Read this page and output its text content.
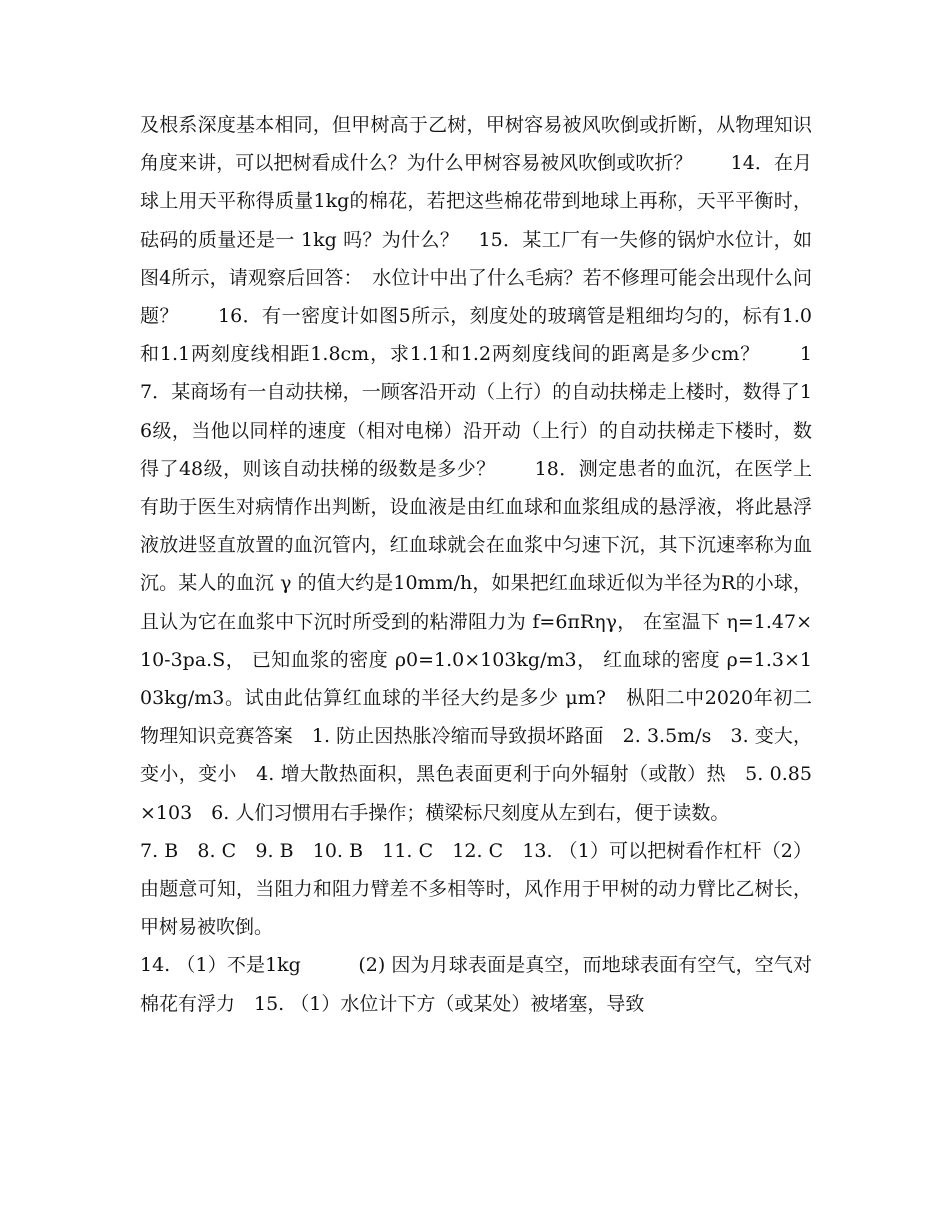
及根系深度基本相同，但甲树高于乙树，甲树容易被风吹倒或折断，从物理知识角度来讲，可以把树看成什么？为什么甲树容易被风吹倒或吹折？　　14．在月球上用天平称得质量1kg的棉花，若把这些棉花带到地球上再称，天平平衡时，砝码的质量还是一 1kg 吗？为什么？　15．某工厂有一失修的锅炉水位计，如图4所示，请观察后回答：　水位计中出了什么毛病？若不修理可能会出现什么问题？　　16．有一密度计如图5所示，刻度处的玻璃管是粗细均匀的，标有1.0和1.1两刻度线相距1.8cm，求1.1和1.2两刻度线间的距离是多少cm？　　17．某商场有一自动扶梯，一顾客沿开动（上行）的自动扶梯走上楼时，数得了16级，当他以同样的速度（相对电梯）沿开动（上行）的自动扶梯走下楼时，数得了48级，则该自动扶梯的级数是多少？　　18．测定患者的血沉，在医学上有助于医生对病情作出判断，设血液是由红血球和血浆组成的悬浮液，将此悬浮液放进竖直放置的血沉管内，红血球就会在血浆中匀速下沉，其下沉速率称为血沉。某人的血沉 γ 的值大约是10mm/h，如果把红血球近似为半径为R的小球，且认为它在血浆中下沉时所受到的粘滞阻力为 f=6πRηγ， 在室温下 η=1.47×10-3pa.S， 已知血浆的密度 ρ0=1.0×103kg/m3， 红血球的密度 ρ=1.3×103kg/m3。试由此估算红血球的半径大约是多少 μm?　枞阳二中2020年初二物理知识竞赛答案　1. 防止因热胀冷缩而导致损坏路面　2. 3.5m/s　3. 变大，变小，变小　4. 增大散热面积，黑色表面更利于向外辐射（或散）热　5. 0.85×103　6. 人们习惯用右手操作；横梁标尺刻度从左到右，便于读数。

7. B　8. C　9. B　10. B　11. C　12. C　13. （1）可以把树看作杠杆（2）由题意可知，当阻力和阻力臂差不多相等时，风作用于甲树的动力臂比乙树长，甲树易被吹倒。

14. （1）不是1kg　　　(2) 因为月球表面是真空，而地球表面有空气，空气对棉花有浮力　15. （1）水位计下方（或某处）被堵塞，导致
